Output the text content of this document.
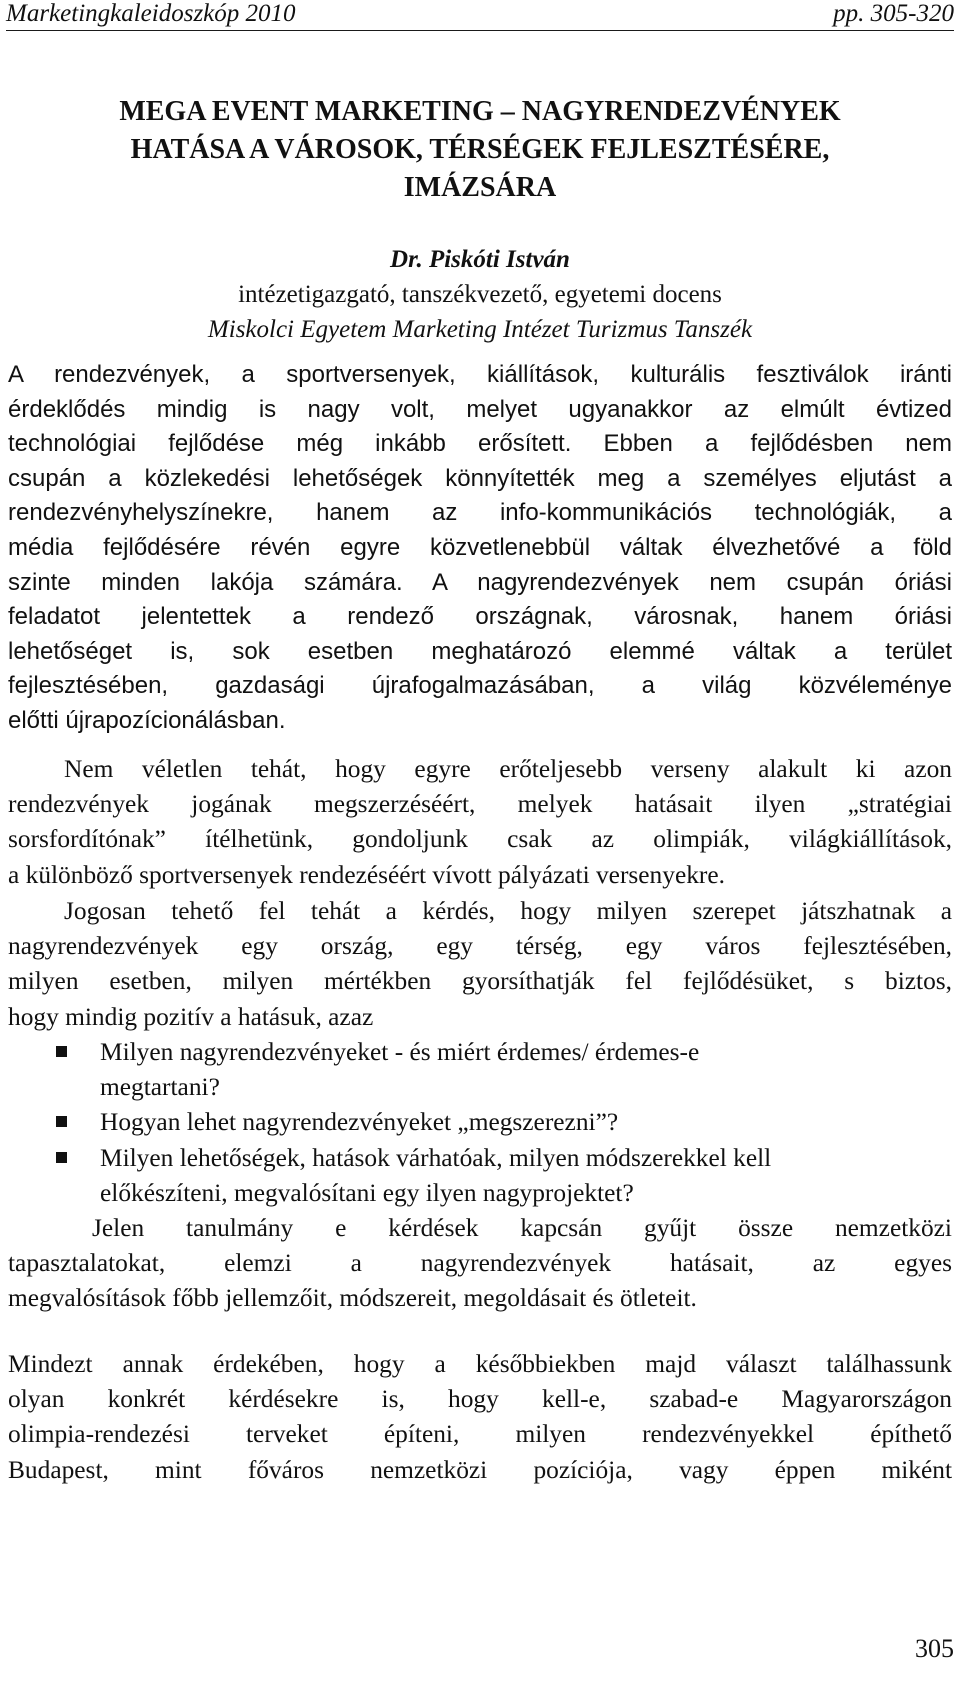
Marketingkaleidoszkóp 2010	pp. 305-320
MEGA EVENT MARKETING – NAGYRENDEZVÉNYEK
HATÁSA A VÁROSOK, TÉRSÉGEK FEJLESZTÉSÉRE,
IMÁZSÁRA
Dr. Piskóti István
intézetigazgató, tanszékvezető, egyetemi docens
Miskolci Egyetem Marketing Intézet Turizmus Tanszék
A rendezvények, a sportversenyek, kiállítások, kulturális fesztiválok iránti
érdeklődés mindig is nagy volt, melyet ugyanakkor az elmúlt évtized
technológiai fejlődése még inkább erősített. Ebben a fejlődésben nem
csupán a közlekedési lehetőségek könnyítették meg a személyes eljutást a
rendezvényhelyszínekre, hanem az info-kommunikációs technológiák, a
média fejlődésére révén egyre közvetlenebbül váltak élvezhetővé a föld
szinte minden lakója számára. A nagyrendezvények nem csupán óriási
feladatot jelentettek a rendező országnak, városnak, hanem óriási
lehetőséget is, sok esetben meghatározó elemmé váltak a terület
fejlesztésében, gazdasági újrafogalmazásában, a világ közvéleménye
előtti újrapozícionálásban.
Nem véletlen tehát, hogy egyre erőteljesebb verseny alakult ki azon
rendezvények jogának megszerzéséért, melyek hatásait ilyen „stratégiai
sorsfordítónak” ítélhetünk, gondoljunk csak az olimpiák, világkiállítások,
a különböző sportversenyek rendezéséért vívott pályázati versenyekre.
Jogosan tehető fel tehát a kérdés, hogy milyen szerepet játszhatnak a
nagyrendezvények egy ország, egy térség, egy város fejlesztésében,
milyen esetben, milyen mértékben gyorsíthatják fel fejlődésüket, s biztos,
hogy mindig pozitív a hatásuk, azaz
Milyen nagyrendezvényeket - és miért érdemes/ érdemes-e
megtartani?
Hogyan lehet nagyrendezvényeket „megszerezni”?
Milyen lehetőségek, hatások várhatóak, milyen módszerekkel kell
előkészíteni, megvalósítani egy ilyen nagyprojektet?
Jelen tanulmány e kérdések kapcsán gyűjt össze nemzetközi
tapasztalatokat, elemzi a nagyrendezvények hatásait, az egyes
megvalósítások főbb jellemzőit, módszereit, megoldásait és ötleteit.
Mindezt annak érdekében, hogy a későbbiekben majd választ találhassunk
olyan konkrét kérdésekre is, hogy kell-e, szabad-e Magyarországon
olimpia-rendezési terveket építeni, milyen rendezvényekkel építhető
Budapest, mint főváros nemzetközi pozíciója, vagy éppen miként
305
